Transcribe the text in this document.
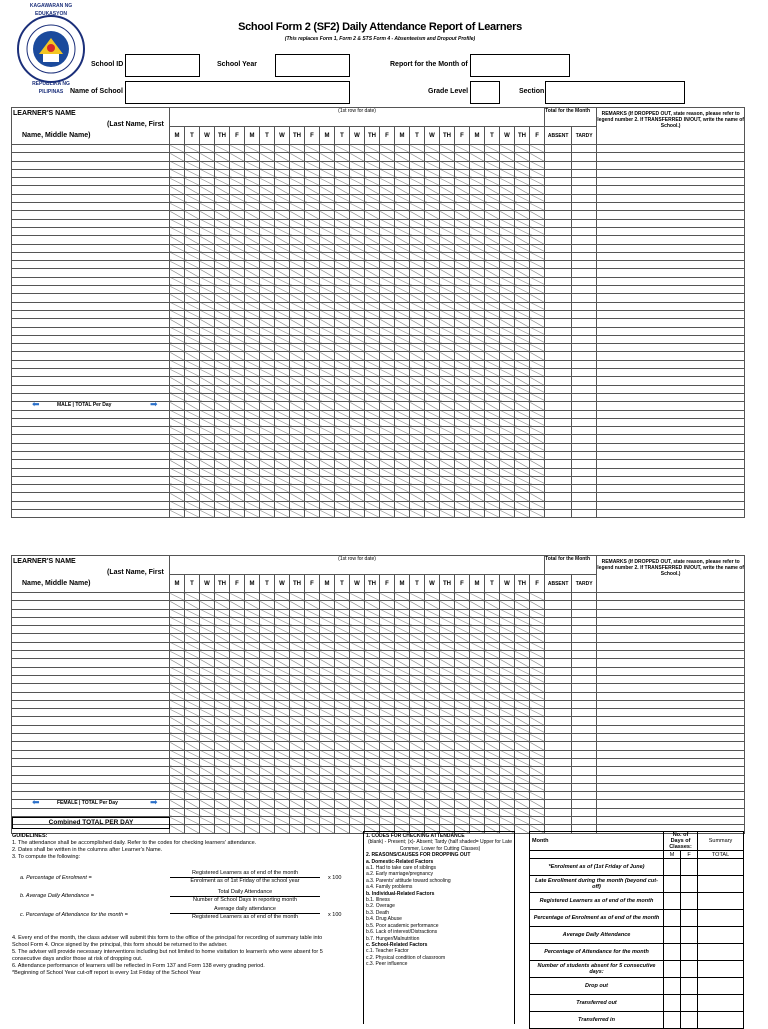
KAGAWARAN NG EDUKASYON
REPUBLIKA NG PILIPINAS
School Form 2 (SF2) Daily Attendance Report of Learners
(This replaces Form 1, Form 2 & STS Form 4 - Absenteeism and Dropout Profile)
School ID	School Year	Report for the Month of
Name of School	Grade Level	Section
LEARNER'S NAME
(Last Name, First
Name, Middle Name)	(1st row for date)																									Total for the Month		REMARKS (If DROPPED OUT, state reason, please refer to legend number 2. If TRANSFERRED IN/OUT, write the name of School.)
	M	T	W	TH	F	M	T	W	TH	F	M	T	W	TH	F	M	T	W	TH	F	M	T	W	TH	F	ABSENT	TARDY	

⬅ MALE | TOTAL Per Day ➡																												

LEARNER'S NAME
(Last Name, First
Name, Middle Name)	(1st row for date)																									Total for the Month		REMARKS (If DROPPED OUT, state reason, please refer to legend number 2. If TRANSFERRED IN/OUT, write the name of School.)
	M	T	W	TH	F	M	T	W	TH	F	M	T	W	TH	F	M	T	W	TH	F	M	T	W	TH	F	ABSENT	TARDY	

⬅ FEMALE | TOTAL Per Day ➡																												

GUIDELINES:
1. The attendance shall be accomplished daily. Refer to the codes for checking learners' attendance.
2. Dates shall be written in the columns after Learner's Name.
3. To compute the following:
a. Percentage of Enrolment =
Registered Learners as of end of the month
Enrolment as of 1st Friday of the school year	x 100
b. Average Daily Attendance =
Total Daily Attendance
Number of School Days in reporting month
c. Percentage of Attendance for the month =
Average daily attendance
Registered Learners as of end of the month	x 100
4. Every end of the month, the class adviser will submit this form to the office of the principal for recording of summary table into
School Form 4. Once signed by the principal, this form should be returned to the adviser.
5. The adviser will provide necessary interventions including but not limited to home visitation to learner/s who were absent for 5
consecutive days and/or those at risk of dropping out.
6. Attendance performance of learners will be reflected in Form 137 and Form 138 every grading period.
*Beginning of School Year cut-off report is every 1st Friday of the School Year
1. CODES FOR CHECKING ATTENDANCE
(blank) - Present; (x)- Absent; Tardy (half shaded= Upper for Late Commer, Lower for Cutting Classes)
2. REASONS/CAUSES FOR DROPPING OUT
a. Domestic-Related Factors
a.1. Had to take care of siblings
a.2. Early marriage/pregnancy
a.3. Parents' attitude toward schooling
a.4. Family problems
b. Individual-Related Factors
b.1. Illness
b.2. Overage
b.3. Death
b.4. Drug Abuse
b.5. Poor academic performance
b.6. Lack of interest/Distractions
b.7. Hunger/Malnutrition
c. School-Related Factors
c.1. Teacher Factor
c.2. Physical condition of classroom
c.3. Peer influence
Month	No. of Days of Classes:		Summary
	M	F	TOTAL
*Enrolment as of (1st Friday of June)			
Late Enrollment during the month (beyond cut-off)			
Registered Learners as of end of the month			
Percentage of Enrolment as of end of the month			
Average Daily Attendance			
Percentage of Attendance for the month			
Number of students absent for 5 consecutive days:			
Drop out			
Transferred out			
Transferred in			
Combined TOTAL PER DAY
